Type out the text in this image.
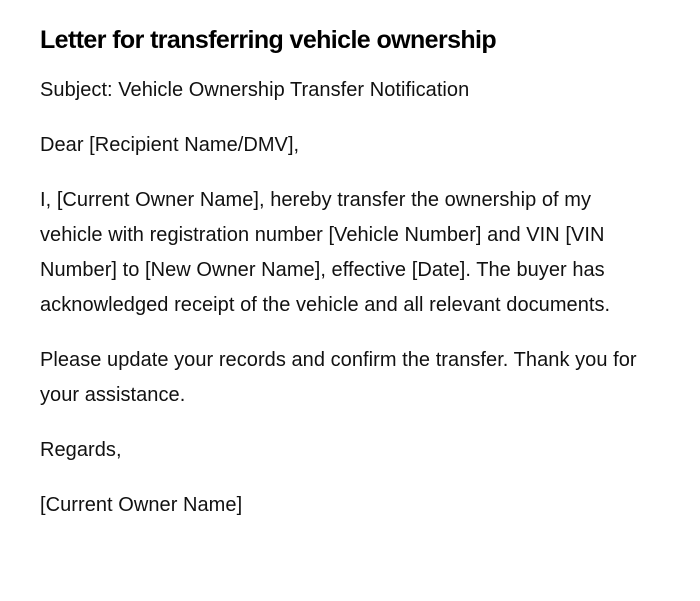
Letter for transferring vehicle ownership

Subject: Vehicle Ownership Transfer Notification

Dear [Recipient Name/DMV],

I, [Current Owner Name], hereby transfer the ownership of my vehicle with registration number [Vehicle Number] and VIN [VIN Number] to [New Owner Name], effective [Date]. The buyer has acknowledged receipt of the vehicle and all relevant documents.

Please update your records and confirm the transfer. Thank you for your assistance.

Regards,

[Current Owner Name]
